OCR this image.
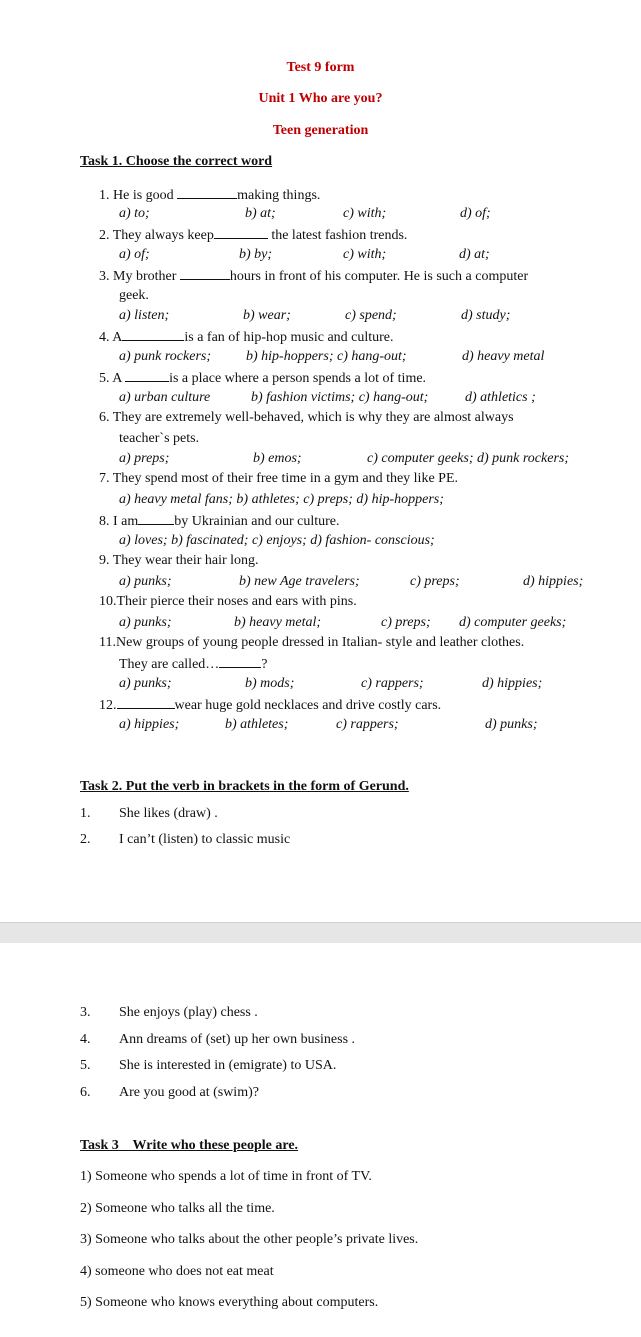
Test 9 form
Unit 1 Who are you?
Teen generation
Task 1. Choose the correct word
1. He is good	making things.
a) to;	b) at;	c) with;	d) of;
2. They always keep	the latest fashion trends.
a) of;	b) by;	c) with;	d) at;
3. My brother	hours in front of his computer. He is such a computer
geek.
a) listen;	b) wear;	c) spend;	d) study;
4. A	is a fan of hip-hop music and culture.
a) punk rockers; b) hip-hoppers; c) hang-out;	d) heavy metal
5. A	is a place where a person spends a lot of time.
a) urban culture	b) fashion victims; c) hang-out;	d) athletics ;
6. They are extremely well-behaved, which is why they are almost always
teacher`s pets.
a) preps;	b) emos;	c) computer geeks; d) punk rockers;
7. They spend most of their free time in a gym and they like PE.
a) heavy metal fans; b) athletes; c) preps; d) hip-hoppers;
8. I am	by Ukrainian and our culture.
a) loves; b) fascinated; c) enjoys; d) fashion- conscious;
9. They wear their hair long.
a) punks;	b) new Age travelers;	c) preps;	d) hippies;
10.Their pierce their noses and ears with pins.
a) punks;	b) heavy metal;	c) preps; d) computer geeks;
11.New groups of young people dressed in Italian- style and leather clothes.
They are called…	?
a) punks;	b) mods;	c) rappers;	d) hippies;
12.	wear huge gold necklaces and drive costly cars.
a) hippies;	b) athletes;	c) rappers;	d) punks;
Task 2. Put the verb in brackets in the form of Gerund.
1. She likes (draw) .
2. I can’t (listen) to classic music
3. She enjoys (play) chess .
4. Ann dreams of (set) up her own business .
5. She is interested in (emigrate) to USA.
6. Are you good at (swim)?
Task 3    Write who these people are.
1) Someone who spends a lot of time in front of TV.
2) Someone who talks all the time.
3) Someone who talks about the other people’s private lives.
4) someone who does not eat meat
5) Someone who knows everything about computers.
